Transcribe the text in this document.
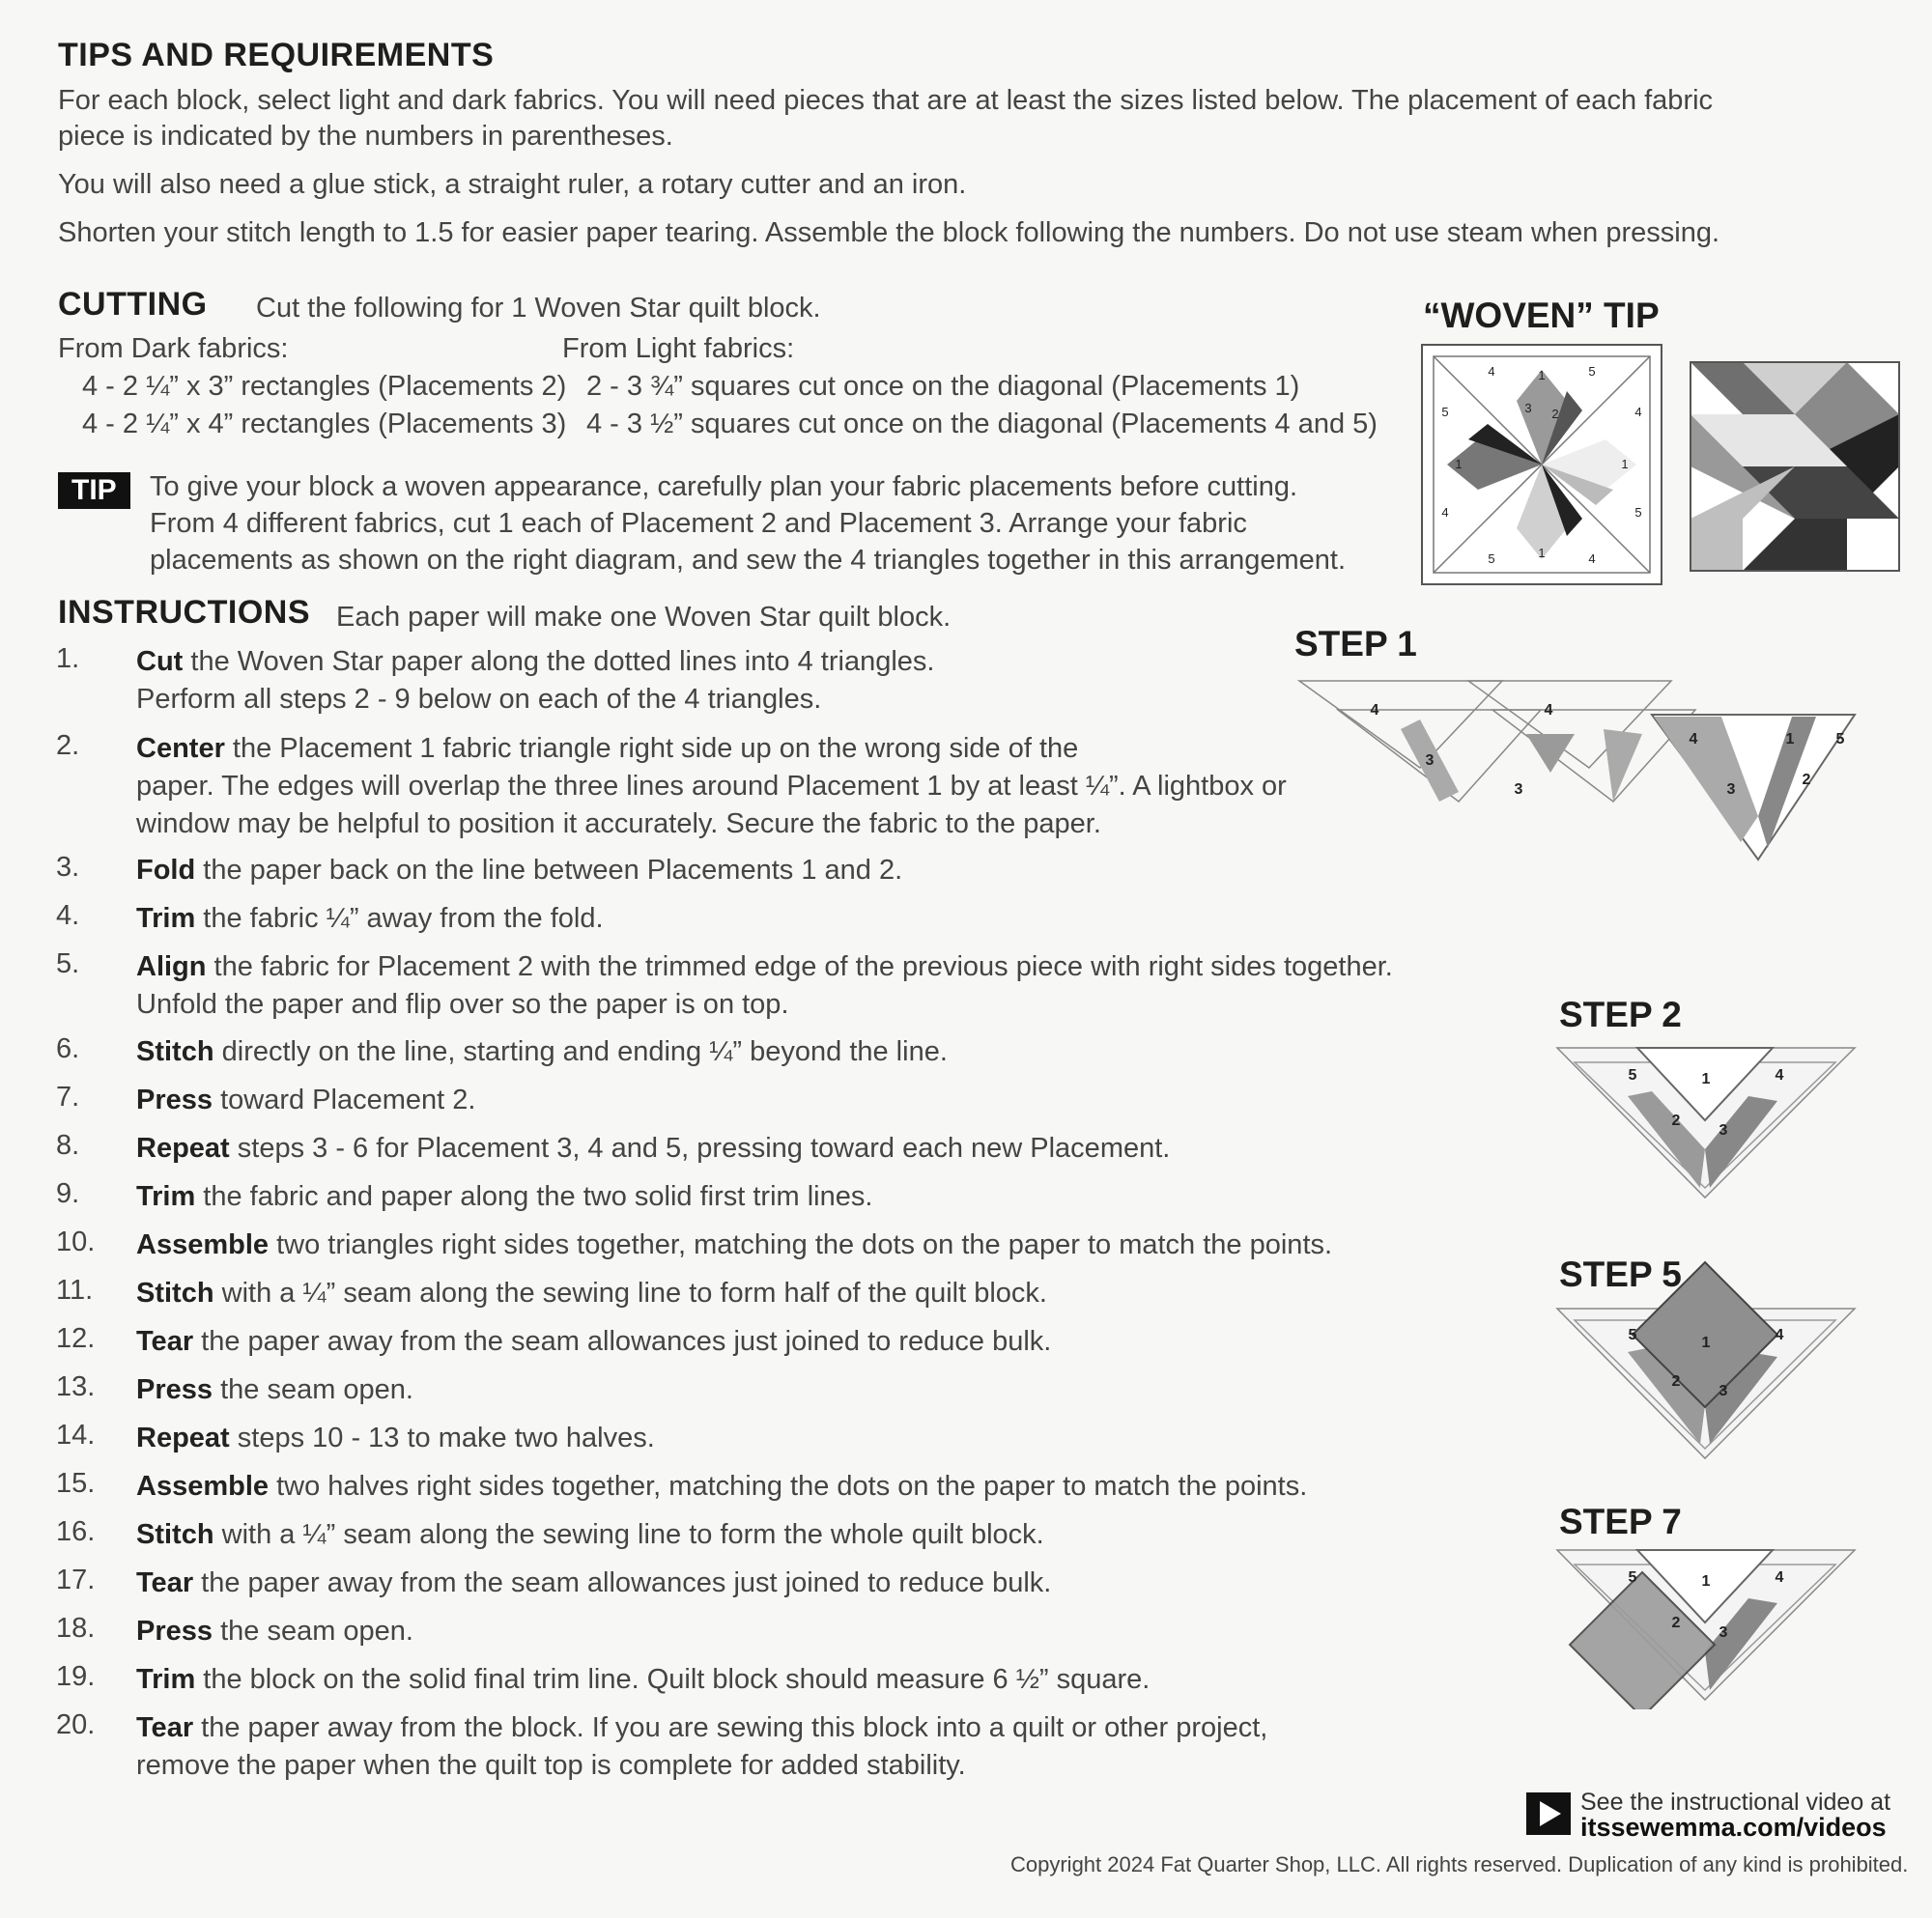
TIPS AND REQUIREMENTS
For each block, select light and dark fabrics. You will need pieces that are at least the sizes listed below. The placement of each fabric
piece is indicated by the numbers in parentheses.
You will also need a glue stick, a straight ruler, a rotary cutter and an iron.
Shorten your stitch length to 1.5 for easier paper tearing. Assemble the block following the numbers. Do not use steam when pressing.
CUTTING Cut the following for 1 Woven Star quilt block.
From Dark fabrics:	From Light fabrics:
4 - 2 ¼” x 3” rectangles (Placements 2)
4 - 2 ¼” x 4” rectangles (Placements 3)
2 - 3 ¾” squares cut once on the diagonal (Placements 1)
4 - 3 ½” squares cut once on the diagonal (Placements 4 and 5)
TIP	To give your block a woven appearance, carefully plan your fabric placements before cutting.
From 4 different fabrics, cut 1 each of Placement 2 and Placement 3. Arrange your fabric
placements as shown on the right diagram, and sew the 4 triangles together in this arrangement.
INSTRUCTIONS Each paper will make one Woven Star quilt block.
1. Cut the Woven Star paper along the dotted lines into 4 triangles.
Perform all steps 2 - 9 below on each of the 4 triangles.
2. Center the Placement 1 fabric triangle right side up on the wrong side of the
paper. The edges will overlap the three lines around Placement 1 by at least ¼”. A lightbox or
window may be helpful to position it accurately. Secure the fabric to the paper.
3. Fold the paper back on the line between Placements 1 and 2.
4. Trim the fabric ¼” away from the fold.
5. Align the fabric for Placement 2 with the trimmed edge of the previous piece with right sides together.
Unfold the paper and flip over so the paper is on top.
6. Stitch directly on the line, starting and ending ¼” beyond the line.
7. Press toward Placement 2.
8. Repeat steps 3 - 6 for Placement 3, 4 and 5, pressing toward each new Placement.
9. Trim the fabric and paper along the two solid first trim lines.
10. Assemble two triangles right sides together, matching the dots on the paper to match the points.
11. Stitch with a ¼” seam along the sewing line to form half of the quilt block.
12. Tear the paper away from the seam allowances just joined to reduce bulk.
13. Press the seam open.
14. Repeat steps 10 - 13 to make two halves.
15. Assemble two halves right sides together, matching the dots on the paper to match the points.
16. Stitch with a ¼” seam along the sewing line to form the whole quilt block.
17. Tear the paper away from the seam allowances just joined to reduce bulk.
18. Press the seam open.
19. Trim the block on the solid final trim line. Quilt block should measure 6 ½” square.
20. Tear the paper away from the block. If you are sewing this block into a quilt or other project,
remove the paper when the quilt top is complete for added stability.
“WOVEN” TIP
1
4	5
1	1
1
5	4
5	4
4	5
3 2
STEP 1
4	4
4	1	5
3
3	3
2
STEP 2
5	1	4
2
3
STEP 5
5	1	4
2
3
STEP 7
5	1	4
2
3
See the instructional video at
itssewemma.com/videos
Copyright 2024 Fat Quarter Shop, LLC. All rights reserved. Duplication of any kind is prohibited.
